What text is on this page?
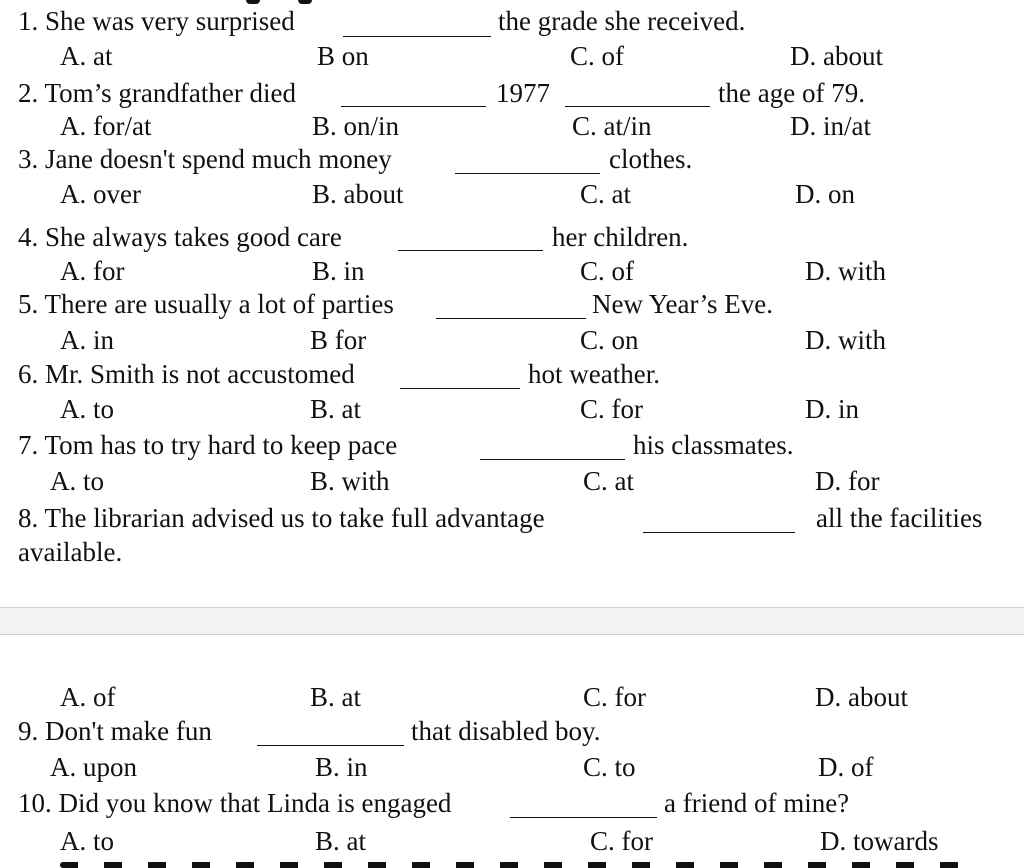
1. She was very surprised	the grade she received.
A. at	B on	C. of	D. about
2. Tom’s grandfather died	1977	the age of 79.
A. for/at	B. on/in	C. at/in	D. in/at
3. Jane doesn't spend much money	clothes.
A. over	B. about	C. at	D. on
4. She always takes good care	her children.
A. for	B. in	C. of	D. with
5. There are usually a lot of parties	New Year’s Eve.
A. in	B for	C. on	D. with
6. Mr. Smith is not accustomed	hot weather.
A. to	B. at	C. for	D. in
7. Tom has to try hard to keep pace	his classmates.
A. to	B. with	C. at	D. for
8. The librarian advised us to take full advantage	all the facilities
available.
A. of	B. at	C. for	D. about
9. Don't make fun	that disabled boy.
A. upon	B. in	C. to	D. of
10. Did you know that Linda is engaged	a friend of mine?
A. to	B. at	C. for	D. towards
